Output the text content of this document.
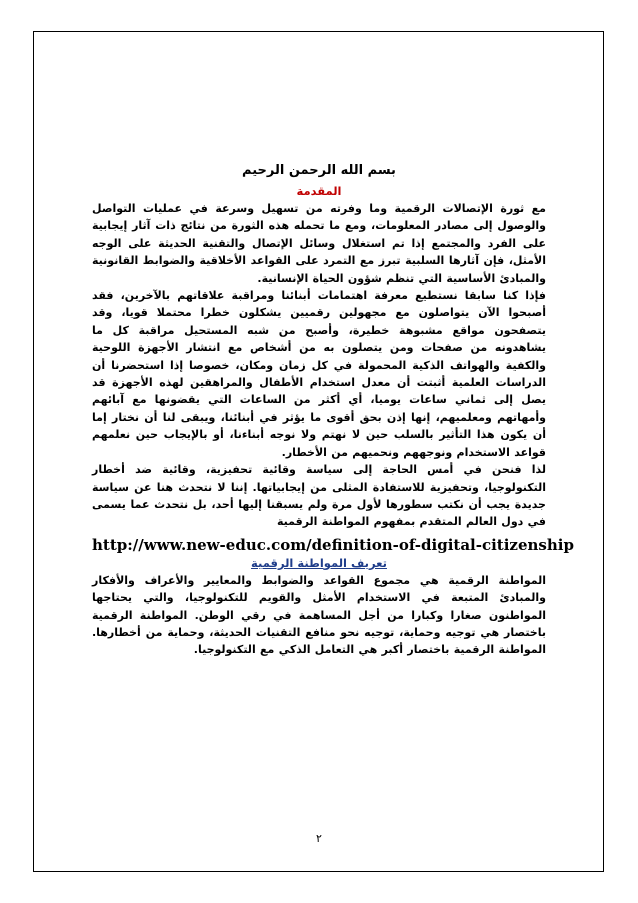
بسم الله الرحمن الرحيم

المقدمة

مع ثورة الإتصالات الرقمية وما وفرته من تسهيل وسرعة في عمليات التواصل والوصول إلى مصادر المعلومات، ومع ما تحمله هذه الثورة من نتائج ذات آثار إيجابية على الفرد والمجتمع إذا تم استغلال وسائل الإتصال والتقنية الحديثة على الوجه الأمثل، فإن آثارها السلبية تبرز مع التمرد على القواعد الأخلاقية والضوابط القانونية والمبادئ الأساسية التي تنظم شؤون الحياة الإنسانية.

فإذا كنا سابقا نستطيع معرفة اهتمامات أبنائنا ومراقبة علاقاتهم بالآخرين، فقد أصبحوا الآن يتواصلون مع مجهولين رقميين يشكلون خطرا محتملا قويا، وقد يتصفحون مواقع مشبوهة خطيرة، وأصبح من شبه المستحيل مراقبة كل ما يشاهدونه من صفحات ومن يتصلون به من أشخاص مع انتشار الأجهزة اللوحية والكفية والهواتف الذكية المحمولة في كل زمان ومكان، خصوصا إذا استحضرنا أن الدراسات العلمية أثبتت أن معدل استخدام الأطفال والمراهقين لهذه الأجهزة قد يصل إلى ثماني ساعات يوميا، أي أكثر من الساعات التي يقضونها مع آبائهم وأمهاتهم ومعلميهم، إنها إذن بحق أقوى ما يؤثر في أبنائنا، ويبقى لنا أن نختار إما أن يكون هذا التأثير بالسلب حين لا نهتم ولا نوجه أبناءنا، أو بالإيجاب حين نعلمهم قواعد الاستخدام ونوجههم ونحميهم من الأخطار.

لذا فنحن في أمس الحاجة إلى سياسة وقائية تحفيزية، وقائية ضد أخطار التكنولوجيا، وتحفيزية للاستفادة المثلى من إيجابياتها. إننا لا نتحدث هنا عن سياسة جديدة يجب أن نكتب سطورها لأول مرة ولم يسبقنا إليها أحد، بل نتحدث عما يسمى في دول العالم المتقدم بمفهوم المواطنة الرقمية

http://www.new-educ.com/definition-of-digital-citizenship

تعريف المواطنة الرقمية

المواطنة الرقمية هي مجموع القواعد والضوابط والمعايير والأعراف والأفكار والمبادئ المتبعة في الاستخدام الأمثل والقويم للتكنولوجيا، والتي يحتاجها المواطنون صغارا وكبارا من أجل المساهمة في رقي الوطن. المواطنة الرقمية باختصار هي توجيه وحماية، توجيه نحو منافع التقنيات الحديثة، وحماية من أخطارها. المواطنة الرقمية باختصار أكبر هي التعامل الذكي مع التكنولوجيا.

٢
